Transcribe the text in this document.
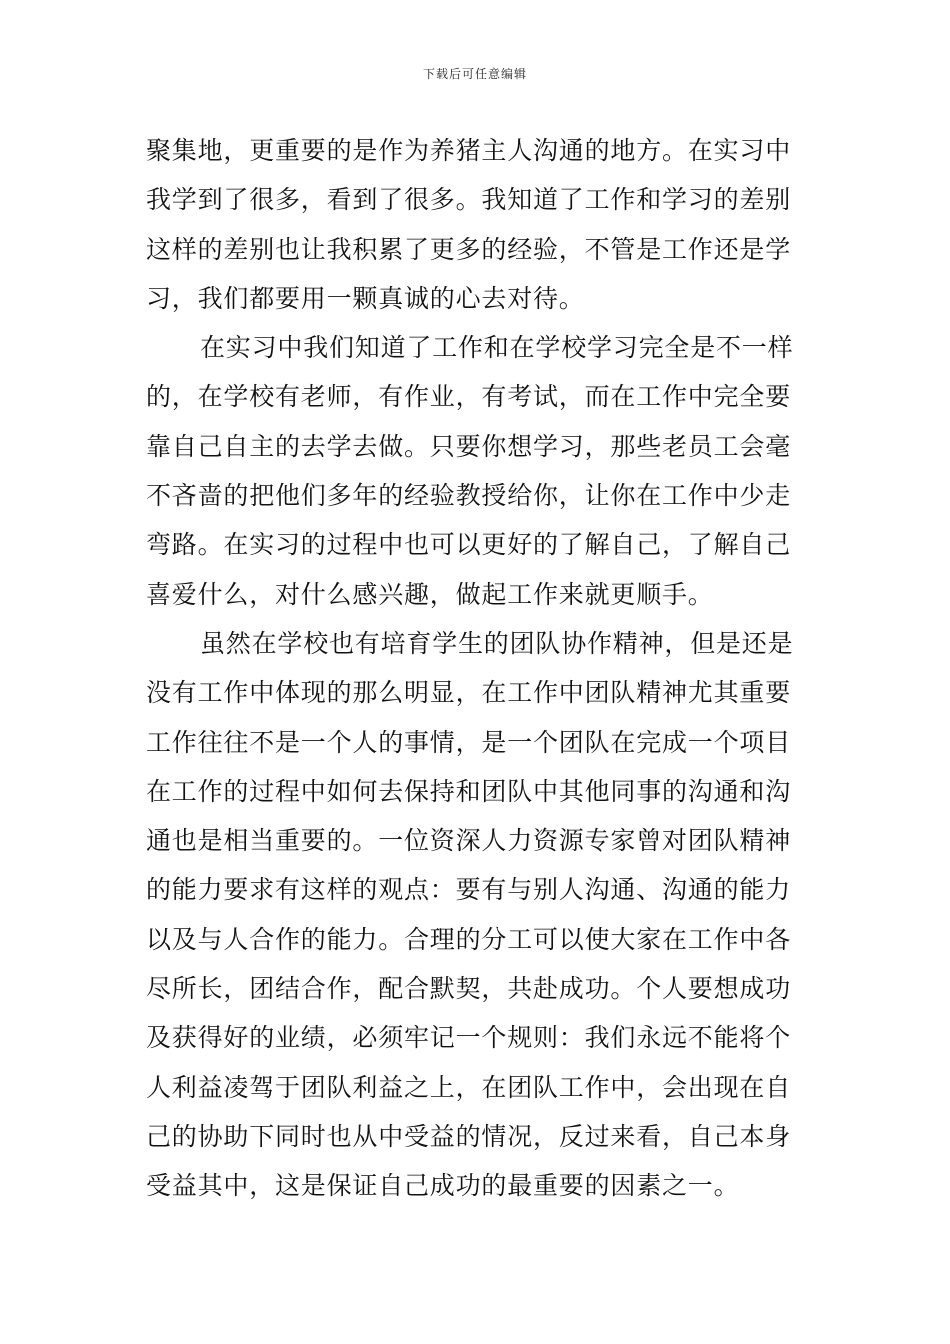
下载后可任意编辑
聚集地，更重要的是作为养猪主人沟通的地方。在实习中
我学到了很多，看到了很多。我知道了工作和学习的差别
这样的差别也让我积累了更多的经验，不管是工作还是学
习，我们都要用一颗真诚的心去对待。
在实习中我们知道了工作和在学校学习完全是不一样
的，在学校有老师，有作业，有考试，而在工作中完全要
靠自己自主的去学去做。只要你想学习，那些老员工会毫
不吝啬的把他们多年的经验教授给你，让你在工作中少走
弯路。在实习的过程中也可以更好的了解自己，了解自己
喜爱什么，对什么感兴趣，做起工作来就更顺手。
虽然在学校也有培育学生的团队协作精神，但是还是
没有工作中体现的那么明显，在工作中团队精神尤其重要
工作往往不是一个人的事情，是一个团队在完成一个项目
在工作的过程中如何去保持和团队中其他同事的沟通和沟
通也是相当重要的。一位资深人力资源专家曾对团队精神
的能力要求有这样的观点：要有与别人沟通、沟通的能力
以及与人合作的能力。合理的分工可以使大家在工作中各
尽所长，团结合作，配合默契，共赴成功。个人要想成功
及获得好的业绩，必须牢记一个规则：我们永远不能将个
人利益凌驾于团队利益之上，在团队工作中，会出现在自
己的协助下同时也从中受益的情况，反过来看，自己本身
受益其中，这是保证自己成功的最重要的因素之一。
